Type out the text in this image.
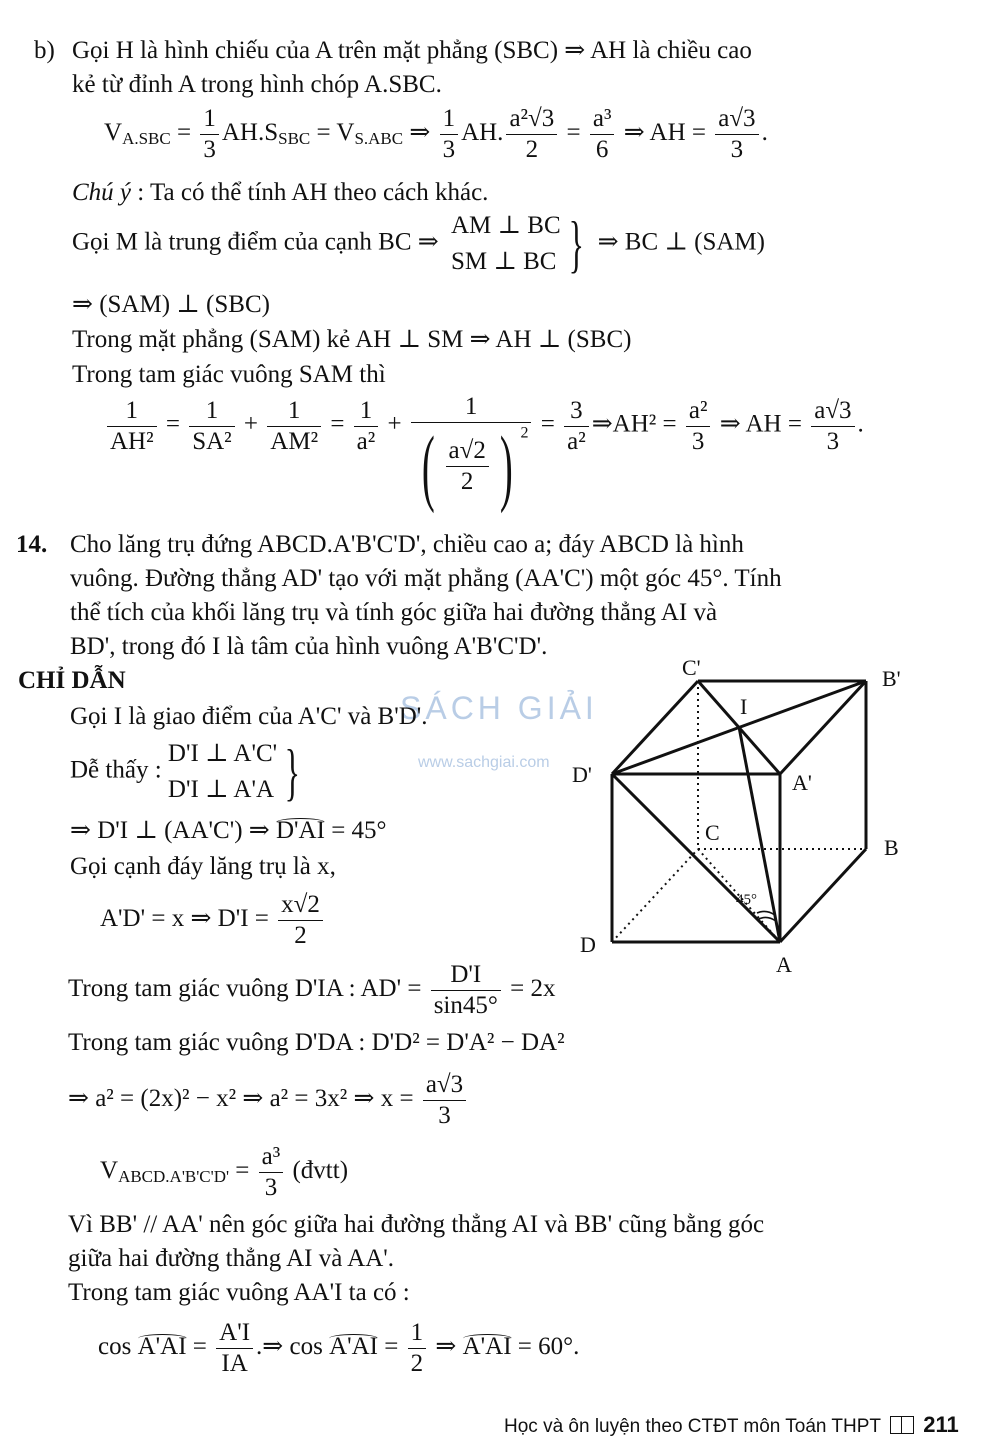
b) Gọi H là hình chiếu của A trên mặt phẳng (SBC) ⇒ AH là chiều cao
kẻ từ đỉnh A trong hình chóp A.SBC.
$V_{A.SBC} = \frac{1}{3} AH.S_{SBC} = V_{S.ABC}$ ⇒ $\frac{1}{3}$ AH. $\frac{\text{a²√3}}{2} = \frac{\text{a³}}{6}$ ⇒ AH = $\frac{a√3}{3}$ .
Chú ý : Ta có thể tính AH theo cách khác.
Gọi M là trung điểm của cạnh BC ⇒
AM ⊥ BC
SM ⊥ BC } ⇒ BC ⊥ (SAM)
⇒ (SAM) ⊥ (SBC)
Trong mặt phẳng (SAM) kẻ AH ⊥ SM ⇒ AH ⊥ (SBC)
Trong tam giác vuông SAM thì
$\frac{1}{\text{AH²}} = \frac{1}{\text{SA²}} + \frac{1}{\text{AM²}} = \frac{1}{\text{a²}} + \frac{1}{( \frac{a√2}{2} ) ^2} = \frac{3}{\text{a²}}$ ⇒AH² = $\frac{\text{a²}}{3}$ ⇒ AH = $\frac{a√3}{3}$ .
14. Cho lăng trụ đứng ABCD.A'B'C'D', chiều cao a; đáy ABCD là hình
vuông. Đường thẳng AD' tạo với mặt phẳng (AA'C') một góc 45°. Tính
thể tích của khối lăng trụ và tính góc giữa hai đường thẳng AI và
BD', trong đó I là tâm của hình vuông A'B'C'D'.
CHỈ DẪN
SÁCH GIẢI
www.sachgiai.com
Gọi I là giao điểm của A'C' và B'D'.
Dễ thấy :
D'I ⊥ A'C'
D'I ⊥ A'A }
⇒ D'I ⊥ (AA'C') ⇒ D'AI = 45°
Gọi cạnh đáy lăng trụ là x,
A'D' = x ⇒ $D'I = \frac{x√2}{2}$
Trong tam giác vuông D'IA : $AD' = \frac{D'I}{\sin 45^\circ} = 2x$
Trong tam giác vuông D'DA : D'D² = D'A² − DA²
⇒ a² = (2x)² − x² ⇒ a² = 3x² ⇒ $x = \frac{a√3}{3}$
$V_{ABCD.A'B'C'D'} = \frac{\text{a³}}{3}$ (đvtt)
Vì BB' // AA' nên góc giữa hai đường thẳng AI và BB' cũng bằng góc
giữa hai đường thẳng AI và AA'.
Trong tam giác vuông AA'I ta có :
$\cos A'AI = \frac{A'I}{IA}$ .⇒ $\cos A'AI = \frac{1}{2}$ ⇒ A'AI = 60°.
C'	B'
I
D'	A'
C
B
D
A
45°
Học và ôn luyện theo CTĐT môn Toán THPT 211
